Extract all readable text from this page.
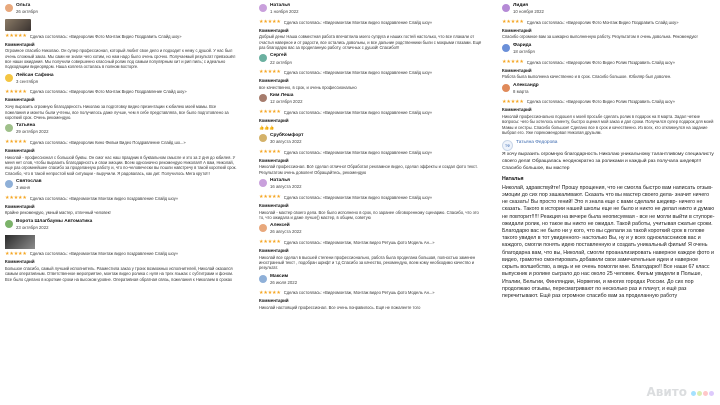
Ольга
26 октября
★★★★★ Сделка состоялась: «Видеоролик Фото Монтаж Видео Поздравить Слайд шоу»
Комментарий
Огромное спасибо Николаю. Он супер профессионал, который любит свое дело и подходит к нему с душой. У нас был очень сложный заказ. Мы сами не знали чего хотим, но нам надо было очень срочно. Получаемый результат превзошёл все наши ожидания. Мы получили совершенно классный ролик под самым популярным хит и рип пиль; с идеально подходящим видеорядом. Наша коллега осталась в полном восторге.
Лейсан Сафина
3 сентября
★★★★★ Сделка состоялась: «Видеоролик Фото Монтаж Видео Поздравление Слайд шоу»
Комментарий
Хочу выразить огромную благодарность Николаю за подготовку видео презентации к юбилею моей мамы. Все пожелания и мокеты были учтены, все получилось даже лучше, чем я себе представляла, все было подготовлено за короткий срок. Очень рекомендую.
Татьяна
29 октября 2022
★★★★★ Сделка состоялась: «Видеоролик Кино Фильм Видео Поздравление Слайд шо...»
Комментарий
Николай - профессионал с большой буквы. Он смог нас наш праздник в буквальном смысле и это за 2 дня до юбилея. У меня нет слов, чтобы выразить благодарность и свои эмоции. Всем однозначно рекомендую Николая!! А вам, Николай, еще раз огромнейшее спасибо за проделанную работу и, что по-человечески вы пошли навстречу в такой короткий срок. Спасибо, что в такой непростой мой ситуации - выручили. Я радовалась, как дит. Получилось Мега круто!!!
Святослав
3 июня
★★★★★ Сделка состоялась: «Видеомонтаж Монтаж видео поздравление Слайд шоу»
Комментарий
Крайне рекомендую, умный мастер, отличный человек!
Ворота Шлагбаумы Автоматика
23 октября 2022
★★★★★ Сделка состоялась: «Видеомонтаж Монтаж видео поздравление Слайд шоу»
Комментарий
Большое спасибо, самый лучший исполнитель. Разместила заказ у троих возможных исполнителей, Николай оказался самым оперативным. Ответственное мероприятие, монтаж видео ролика с нуля на трех языках с субтитрами и фоном. Все было сделано в короткие сроки на высоком уровне. Оперативная обратная связь, пожелания к Николаем в сроках
Наталья
1 ноября 2022
★★★★★ Сделка состоялась: «Видеомонтаж Монтаж видео поздравление Слайд шоу»
Комментарий
Добрый день! Наша совместная работа впечатлила моего супруга и наших гостей настолько, что все плакали от счастья наверное и от радости, все остались довольны, и все дальние родственники были с мокрыми глазами. Ещё раз благодарю вас за проделанную работу, отличных с душой! Спасибо!!!
Сергей
22 октября
★★★★★ Сделка состоялась: «Видеомонтаж Монтаж видео поздравление Слайд шоу»
Комментарий
все качественно, в срок, и очень профессионально
Ким Леша
12 октября 2022
★★★★★ Сделка состоялась: «Видеомонтаж Монтаж видео поздравление Слайд шоу»
Комментарий
👍👍👍
СрубКомфорт
30 августа 2022
★★★★★ Сделка состоялась: «Видеомонтаж Монтаж видео поздравление Слайд шоу»
Комментарий
Николай профессионал. Всё сделал отлично! Обработал рекламное видео, сделал эффекты и создал фото текст. Результатом очень доволен! Обращайтесь, рекомендую
Наталья
16 августа 2022
★★★★★ Сделка состоялась: «Видеомонтаж Монтаж видео поздравление Слайд шоу»
Комментарий
Николай - мастер своего дела. Все было исполнено в срок, по заранее обговоренному сценарию. Спасибо, что это то, что ожидала и даже лучше)) мастер, в общем, советую
Алексей
26 августа 2022
★★★★★ Сделка состоялась: «Видеомонтаж, Монтаж видео Ретушь фото Модель Ан...»
Комментарий
Николай все сделал в высшей степени профессионально, работа была проделана большая, полностью заменен иностранный текст , подобран шрифт и т.д Спасибо за качество, рекомендую, всем кому необходимо качество и результат.
Максим
26 июля 2022
★★★★★ Сделка состоялась: «Видеомонтаж, Монтаж видео Ретушь фото Модель Ан...»
Комментарий
Николай настоящий профессионал. Все очень понравилось. Ещё не пожалеете того
Лидия
10 ноября 2022
★★★★★ Сделка состоялась: «Видеоролик Фото Монтаж Видео Поздравить Слайд шоу»
Комментарий
Спасибо огромное вам за шикарно выполненную работу. Результатом я очень довольна. Рекомендую!
Фарида
18 октября
★★★★★ Сделка состоялась: «Видеоролик Фото Видео Ролик Поздравить Слайд шоу»
Комментарий
Работа была выполнена качественно и в срок. Спасибо большое. Юбиляр был доволен.
Александр
8 марта
★★★★★ Сделка состоялась: «Видеоролик Фото Видео Ролик Поздравить Слайд шоу»
Комментарий
Николай профессионально подошел к моей просьбе сделать ролик в подарок на 8 марта. Задал четкие вопросы: чего бы хотелось клиенту, быстро оценил мой заказ и дал сроки. Получился супер подарок для моей Мамы и сестры. Спасибо большое! Сделано все в срок и качественно. Из всех, кто откликнулся на задание выбрал его. Уже порекомендовал Николая друзьям.
ТФ
Татьяна Федорова
Я хочу выразить огромную благодарность Николаю уникальному талантливому специалисту своего дела! Обращалась неоднократно за роликами и каждый раз получала шедевр!!! Спасибо большое, вы мастер
Наталья
Николай, здравствуйте! Прошу прощения, что не смогла быстро вам написать отзыв- эмоции до сих пор зашкаливают. Сказать что вы мастер своего дела- значит ничего не сказать! Вы просто гений! Это я знала еще с вами сделали шедевр- ничего не сказать. Такого в истории нашей школы еще не было и никто не делал никто и думаю не повторит!!!!! Реакция на вечере была неописуемая - все не могли выйти в ступоре- ожидали ролик, но такое вы никто не ожидал. Такой работы, учитывая сжатые сроки. Благодарю вас не было ни у кого, что вы сделали за такой короткий срок в голове такого увидел в тот увиденного- настолько Вы, ну и у всех одноклассников вас и каждого, смогли понять идею поставленную и создать уникальный фильм! Я очень благодарна вам, что вы, Николай, смогли проанализировать наверное каждое фото и видео, грамотно смонтировать добавили свои замечательные идеи и наверное скрыть волшебство, а ведь и не очень помогли мне. Благодарю!! Все наши 67 класс выпускник и ролике сыграло до нас около 25 человек. Фильм увидели в Польше, Италии, Бельгии, Финляндии, Норвегии, и многих городах России. До сих пор продолжаю отзывы, пересматривают по несколько раз и плачут, и ещё раз перечитывают. Ещё раз огромное спасибо вам за проделанную работу
Авито
